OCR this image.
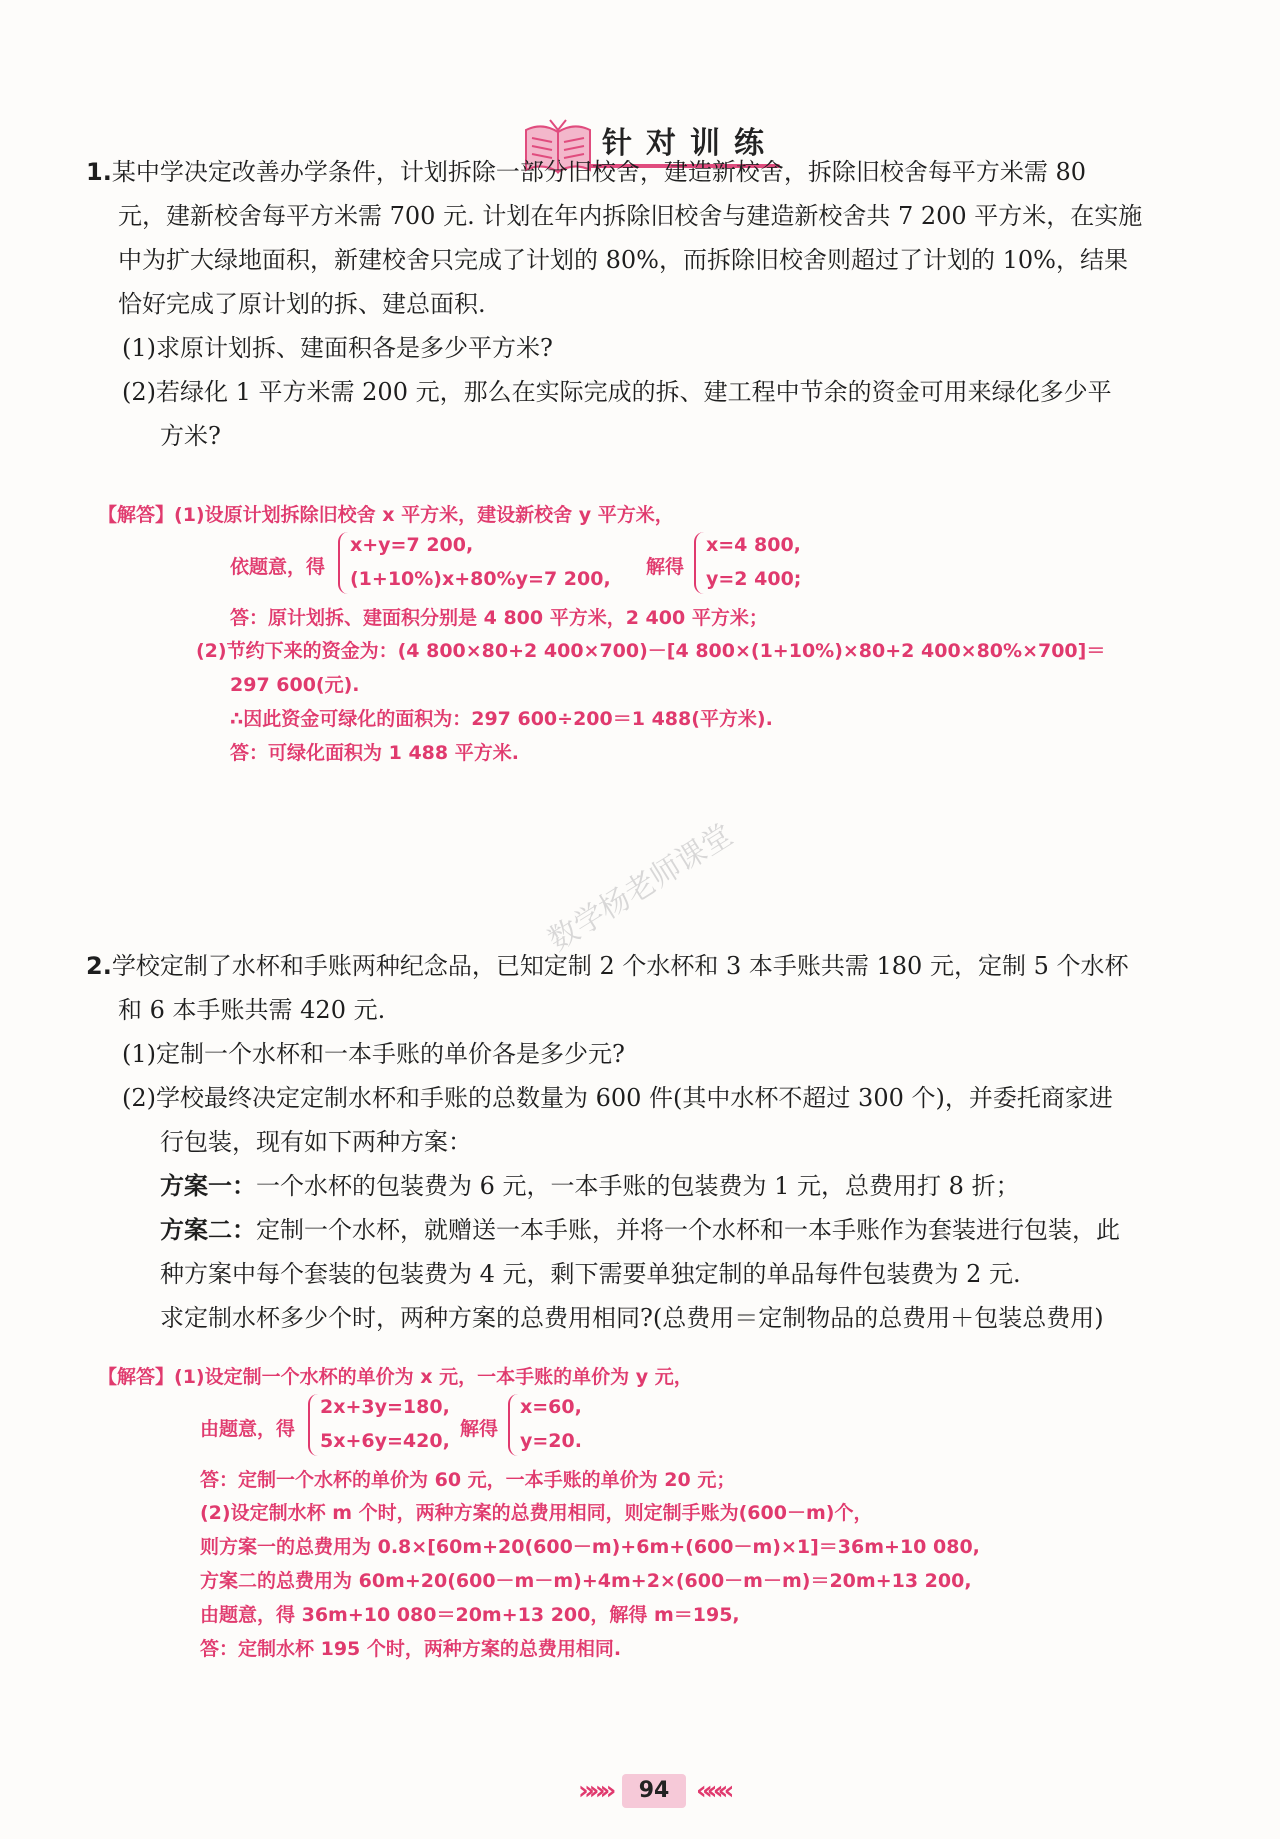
针对训练

1.某中学决定改善办学条件，计划拆除一部分旧校舍，建造新校舍，拆除旧校舍每平方米需 80

元，建新校舍每平方米需 700 元. 计划在年内拆除旧校舍与建造新校舍共 7 200 平方米，在实施

中为扩大绿地面积，新建校舍只完成了计划的 80%，而拆除旧校舍则超过了计划的 10%，结果

恰好完成了原计划的拆、建总面积.

(1)求原计划拆、建面积各是多少平方米?

(2)若绿化 1 平方米需 200 元，那么在实际完成的拆、建工程中节余的资金可用来绿化多少平

方米?

【解答】(1)设原计划拆除旧校舍 x 平方米，建设新校舍 y 平方米，
依题意，得
x+y=7 200,
(1+10%)x+80%y=7 200,
解得
x=4 800,
y=2 400;
答：原计划拆、建面积分别是 4 800 平方米，2 400 平方米；
(2)节约下来的资金为：(4 800×80+2 400×700)－[4 800×(1+10%)×80+2 400×80%×700]＝
297 600(元).
∴因此资金可绿化的面积为：297 600÷200＝1 488(平方米).
答：可绿化面积为 1 488 平方米.
数学杨老师课堂

2.学校定制了水杯和手账两种纪念品，已知定制 2 个水杯和 3 本手账共需 180 元，定制 5 个水杯

和 6 本手账共需 420 元.

(1)定制一个水杯和一本手账的单价各是多少元?

(2)学校最终决定定制水杯和手账的总数量为 600 件(其中水杯不超过 300 个)，并委托商家进

行包装，现有如下两种方案：

方案一：一个水杯的包装费为 6 元，一本手账的包装费为 1 元，总费用打 8 折；

方案二：定制一个水杯，就赠送一本手账，并将一个水杯和一本手账作为套装进行包装，此

种方案中每个套装的包装费为 4 元，剩下需要单独定制的单品每件包装费为 2 元.

求定制水杯多少个时，两种方案的总费用相同?(总费用＝定制物品的总费用＋包装总费用)

【解答】(1)设定制一个水杯的单价为 x 元，一本手账的单价为 y 元，
由题意，得
2x+3y=180,
5x+6y=420,
解得
x=60,
y=20.
答：定制一个水杯的单价为 60 元，一本手账的单价为 20 元；
(2)设定制水杯 m 个时，两种方案的总费用相同，则定制手账为(600－m)个，
则方案一的总费用为 0.8×[60m+20(600－m)+6m+(600－m)×1]＝36m+10 080,
方案二的总费用为 60m+20(600－m－m)+4m+2×(600－m－m)＝20m+13 200,
由题意，得 36m+10 080＝20m+13 200，解得 m＝195,
答：定制水杯 195 个时，两种方案的总费用相同.
»»»	94	«««
